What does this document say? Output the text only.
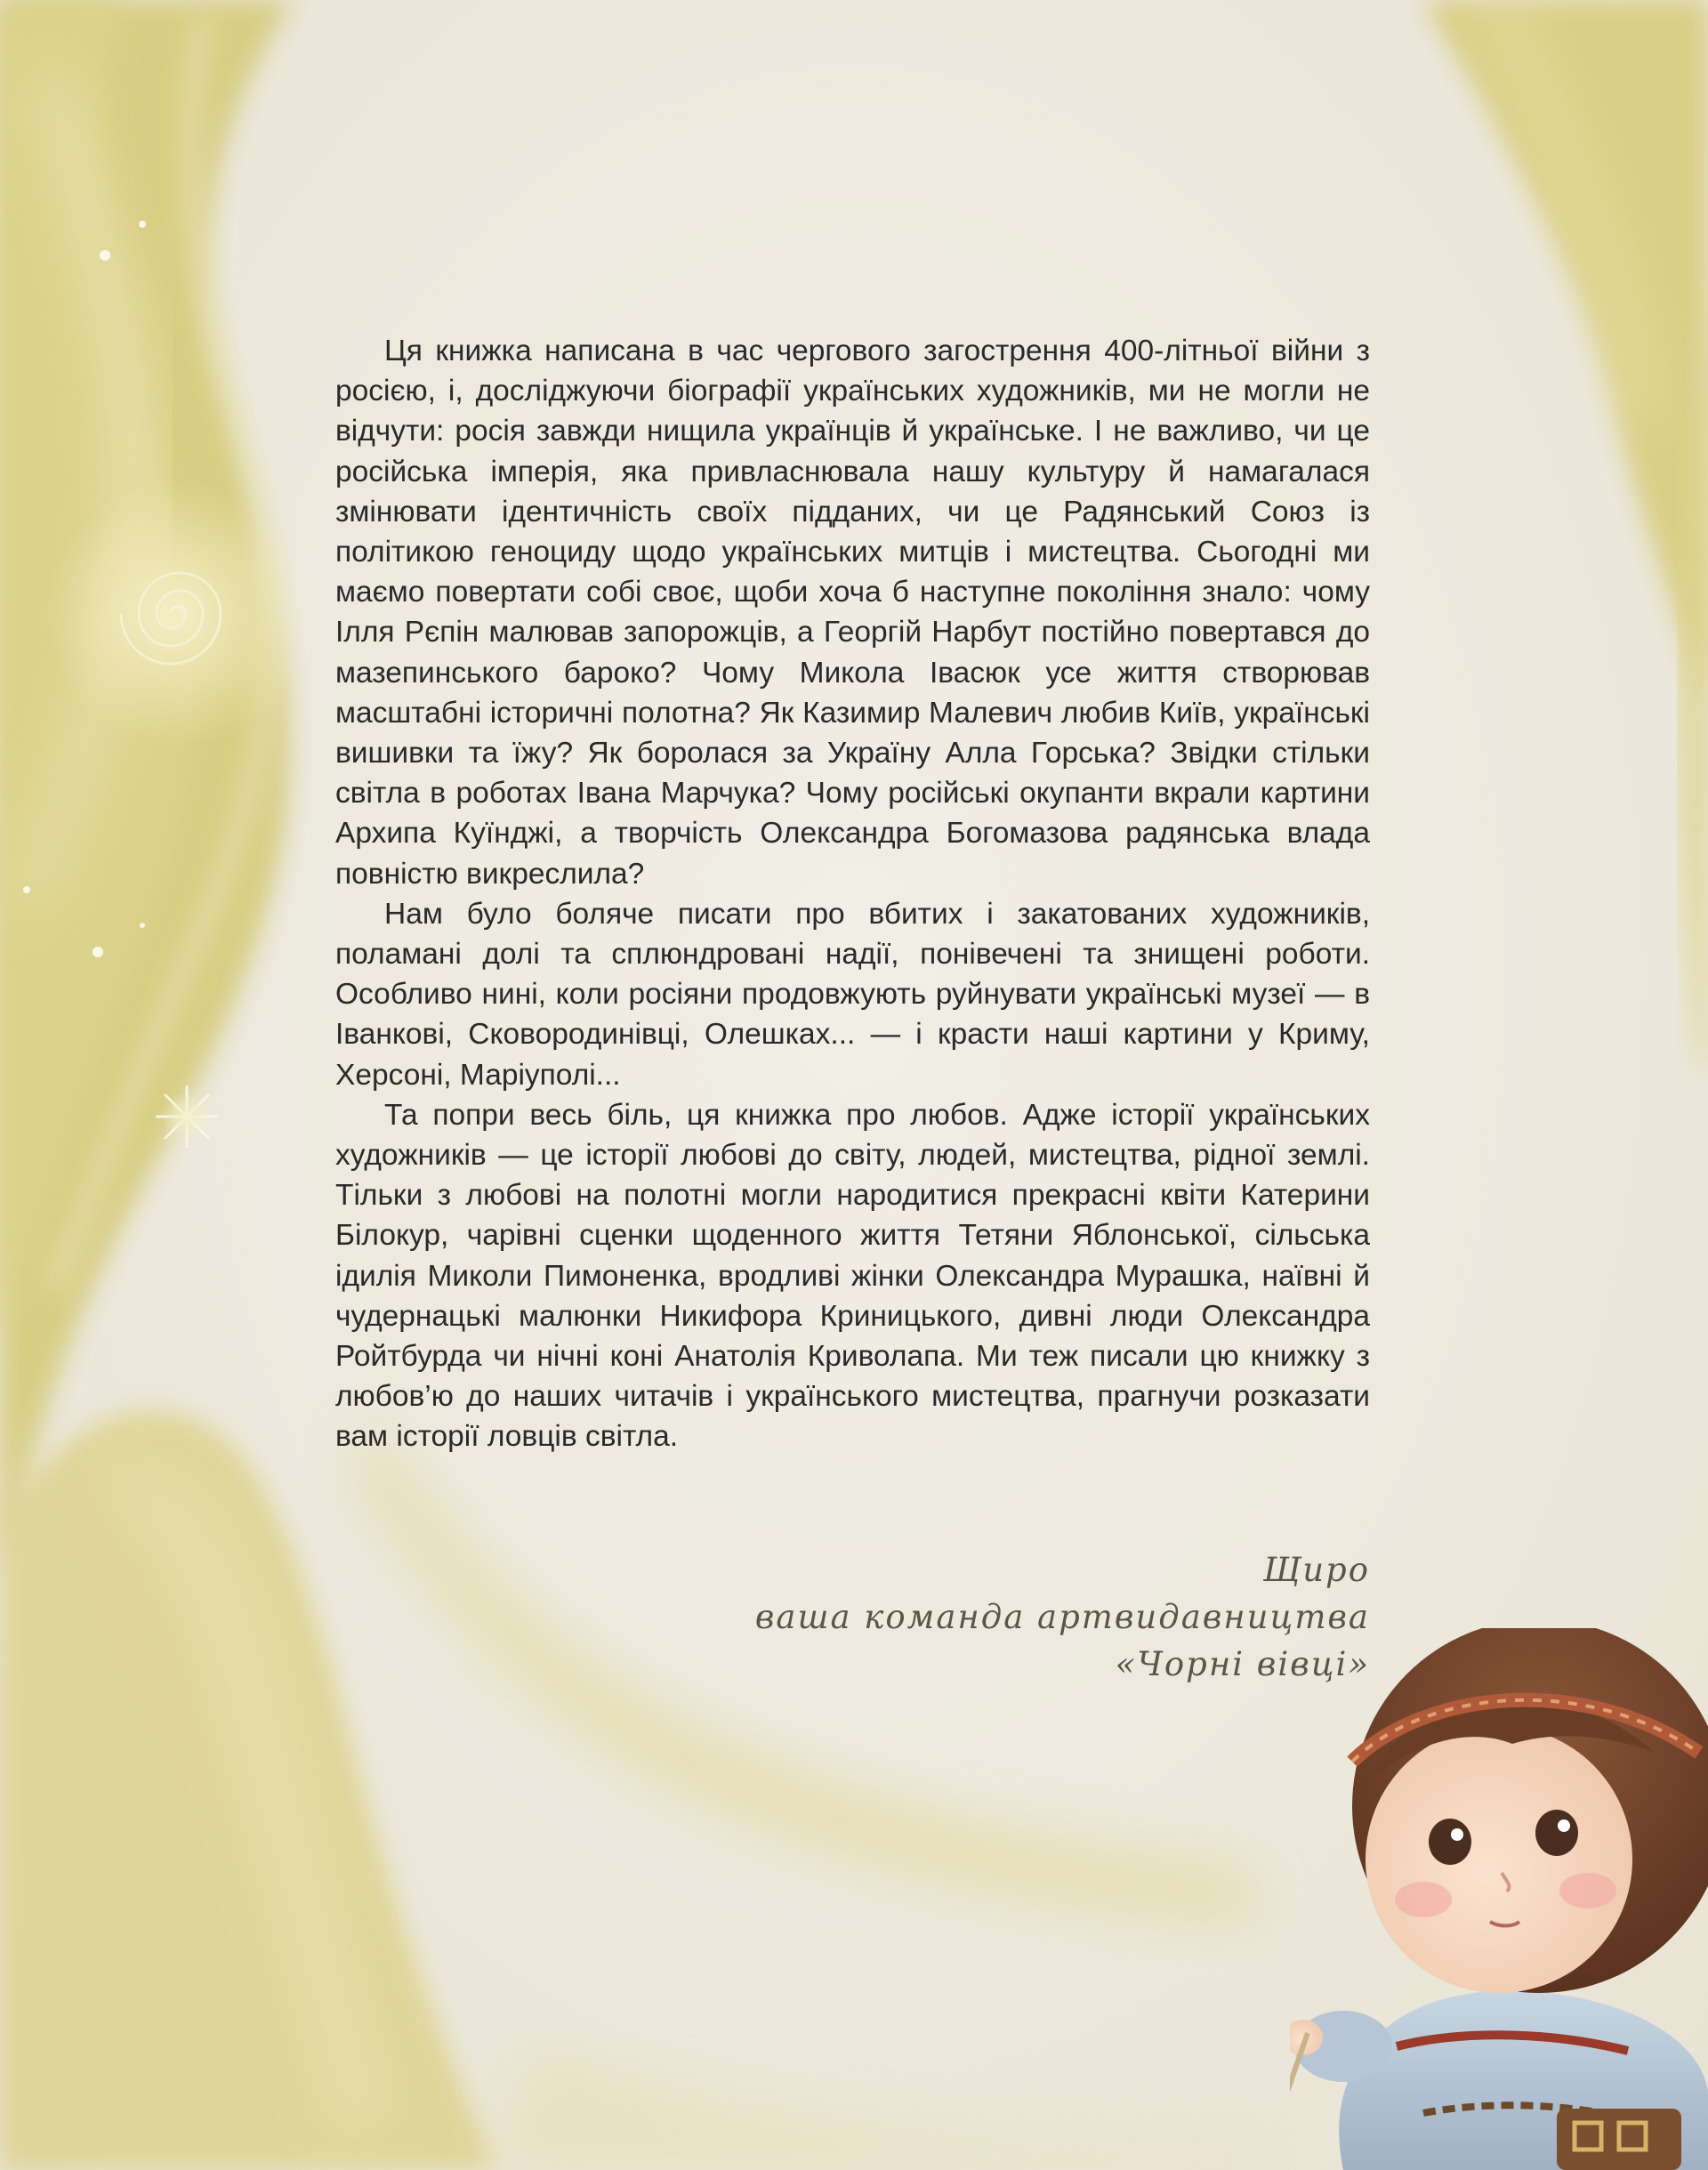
Ця книжка написана в час чергового загострення 400-літньої війни з росією, і, досліджуючи біографії українських художників, ми не могли не відчути: росія завжди нищила українців й українське. І не важливо, чи це російська імперія, яка привласнювала нашу культуру й намагалася змінювати ідентичність своїх підданих, чи це Радянський Союз із політикою геноциду щодо українських митців і мистецтва. Сьогодні ми маємо повертати собі своє, щоби хоча б наступне покоління знало: чому Ілля Рєпін малював запорожців, а Георгій Нарбут постійно повертався до мазепинського бароко? Чому Микола Івасюк усе життя створював масштабні історичні полотна? Як Казимир Малевич любив Київ, українські вишивки та їжу? Як боролася за Україну Алла Горська? Звідки стільки світла в роботах Івана Марчука? Чому російські окупанти вкрали картини Архипа Куїнджі, а творчість Олександра Богомазова радянська влада повністю викреслила?

Нам було боляче писати про вбитих і закатованих художників, поламані долі та сплюндровані надії, понівечені та знищені роботи. Особливо нині, коли росіяни продовжують руйнувати українські музеї — в Іванкові, Сковородинівці, Олешках... — і красти наші картини у Криму, Херсоні, Маріуполі...

Та попри весь біль, ця книжка про любов. Адже історії українських художників — це історії любові до світу, людей, мистецтва, рідної землі. Тільки з любові на полотні могли народитися прекрасні квіти Катерини Білокур, чарівні сценки щоденного життя Тетяни Яблонської, сільська ідилія Миколи Пимоненка, вродливі жінки Олександра Мурашка, наївні й чудернацькі малюнки Никифора Криницького, дивні люди Олександра Ройтбурда чи нічні коні Анатолія Криволапа. Ми теж писали цю книжку з любов’ю до наших читачів і українського мистецтва, прагнучи розказати вам історії ловців світла.

Щиро
ваша команда артвидавництва
«Чорні вівці»
